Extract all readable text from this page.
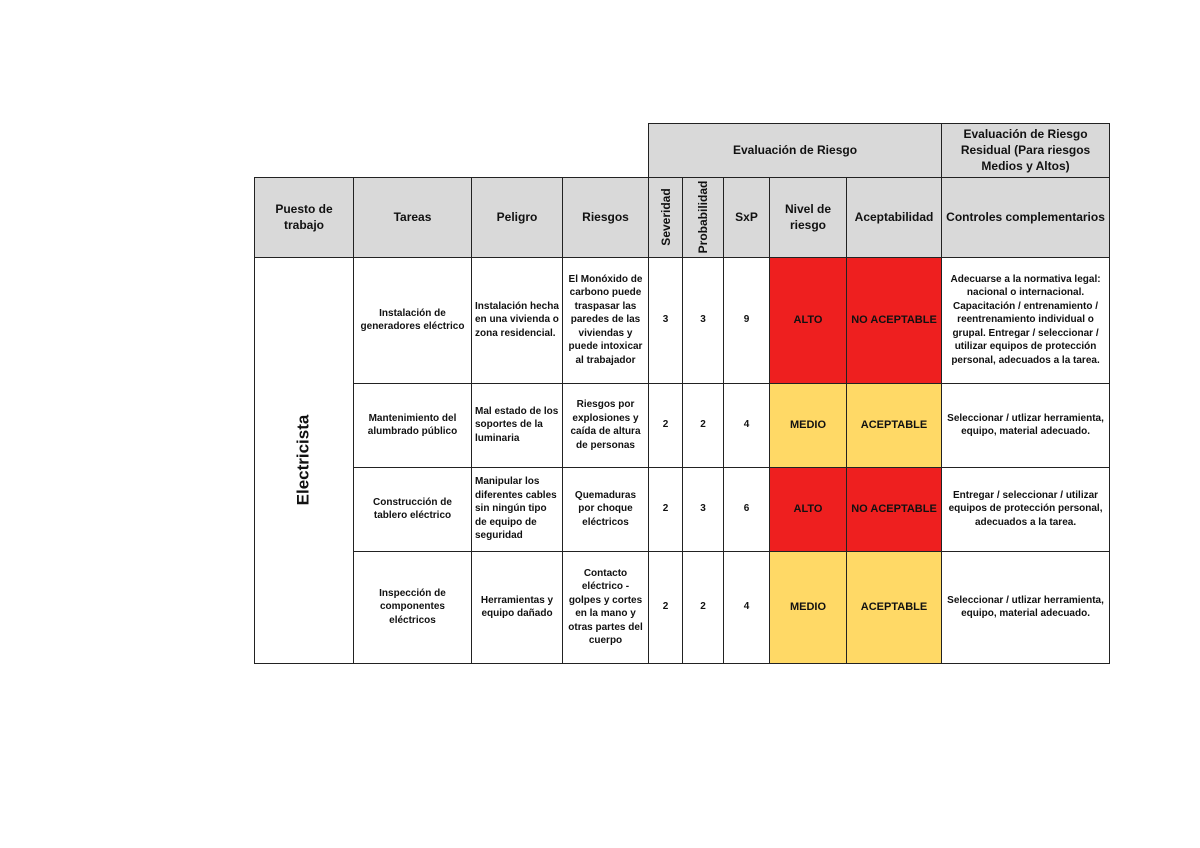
				Evaluación de Riesgo					Evaluación de Riesgo Residual (Para riesgos Medios y Altos)
Puesto de trabajo	Tareas	Peligro	Riesgos	Severidad	Probabilidad	SxP	Nivel de riesgo	Aceptabilidad	Controles complementarios

Electricista	Instalación de generadores eléctrico	Instalación hecha en una vivienda o zona residencial.	El Monóxido de carbono puede traspasar las paredes de las viviendas y puede intoxicar al trabajador	3	3	9	ALTO	NO ACEPTABLE	Adecuarse a la normativa legal: nacional o internacional. Capacitación / entrenamiento / reentrenamiento individual o grupal. Entregar / seleccionar / utilizar equipos de protección personal, adecuados a la tarea.
	Mantenimiento del alumbrado público	Mal estado de los soportes de la luminaria	Riesgos por explosiones y caída de altura de personas	2	2	4	MEDIO	ACEPTABLE	Seleccionar / utlizar herramienta, equipo, material adecuado.
	Construcción de tablero eléctrico	Manipular los diferentes cables sin ningún tipo de equipo de seguridad	Quemaduras por choque eléctricos	2	3	6	ALTO	NO ACEPTABLE	Entregar / seleccionar / utilizar equipos de protección personal, adecuados a la tarea.
	Inspección de componentes eléctricos	Herramientas y equipo dañado	Contacto eléctrico - golpes y cortes en la mano y otras partes del cuerpo	2	2	4	MEDIO	ACEPTABLE	Seleccionar / utlizar herramienta, equipo, material adecuado.
